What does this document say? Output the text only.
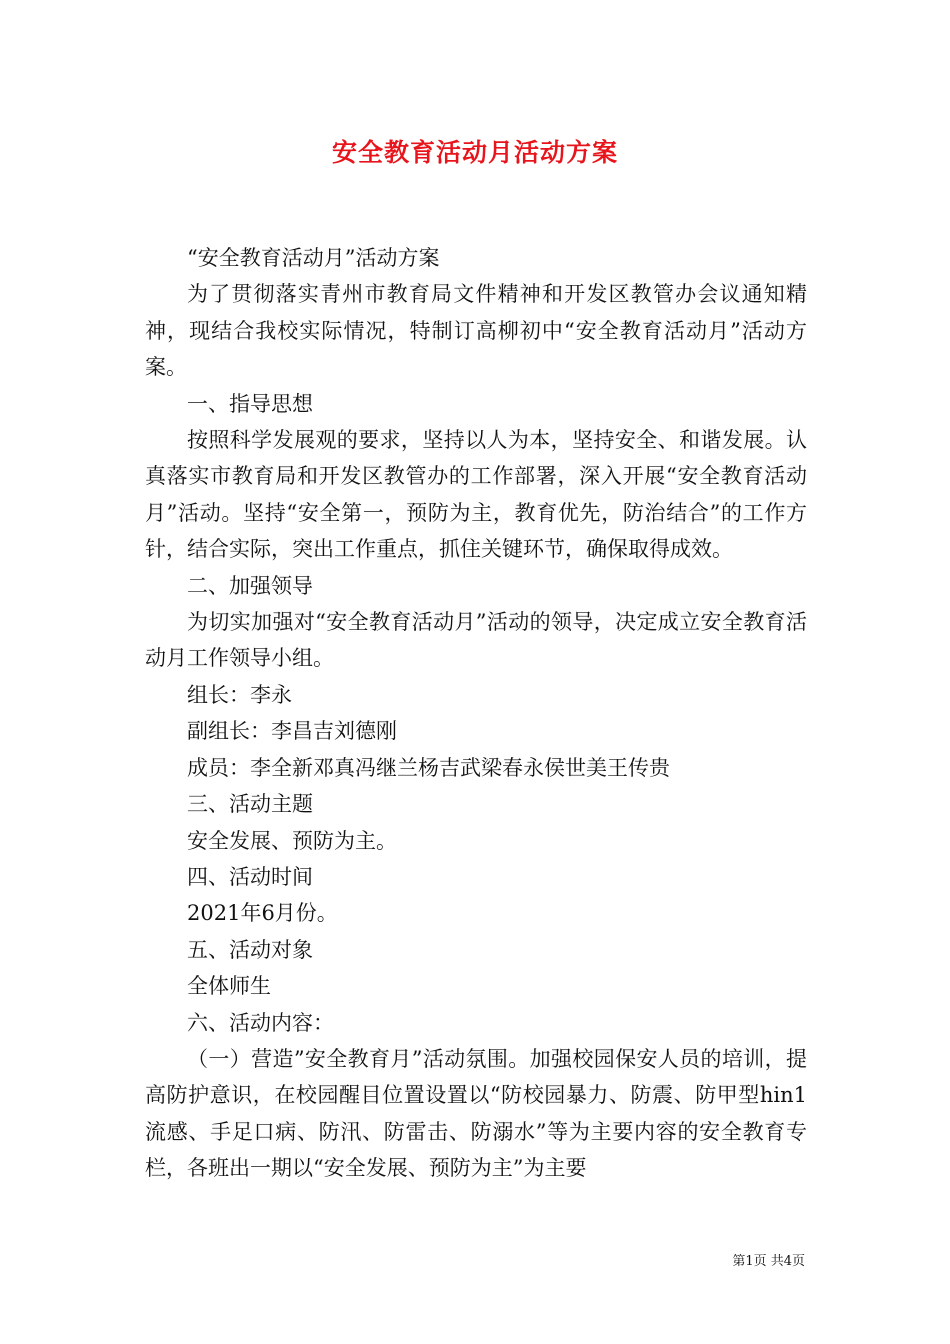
安全教育活动月活动方案

“安全教育活动月”活动方案

为了贯彻落实青州市教育局文件精神和开发区教管办会议通知精神，现结合我校实际情况，特制订高柳初中“安全教育活动月”活动方案。

一、指导思想

按照科学发展观的要求，坚持以人为本，坚持安全、和谐发展。认真落实市教育局和开发区教管办的工作部署，深入开展“安全教育活动月”活动。坚持“安全第一，预防为主，教育优先，防治结合”的工作方针，结合实际，突出工作重点，抓住关键环节，确保取得成效。

二、加强领导

为切实加强对“安全教育活动月”活动的领导，决定成立安全教育活动月工作领导小组。

组长：李永

副组长：李昌吉刘德刚

成员：李全新邓真冯继兰杨吉武梁春永侯世美王传贵

三、活动主题

安全发展、预防为主。

四、活动时间

2021年6月份。

五、活动对象

全体师生

六、活动内容：

（一）营造”安全教育月”活动氛围。加强校园保安人员的培训，提高防护意识，在校园醒目位置设置以“防校园暴力、防震、防甲型hin1流感、手足口病、防汛、防雷击、防溺水”等为主要内容的安全教育专栏，各班出一期以“安全发展、预防为主”为主要

第1页 共4页
